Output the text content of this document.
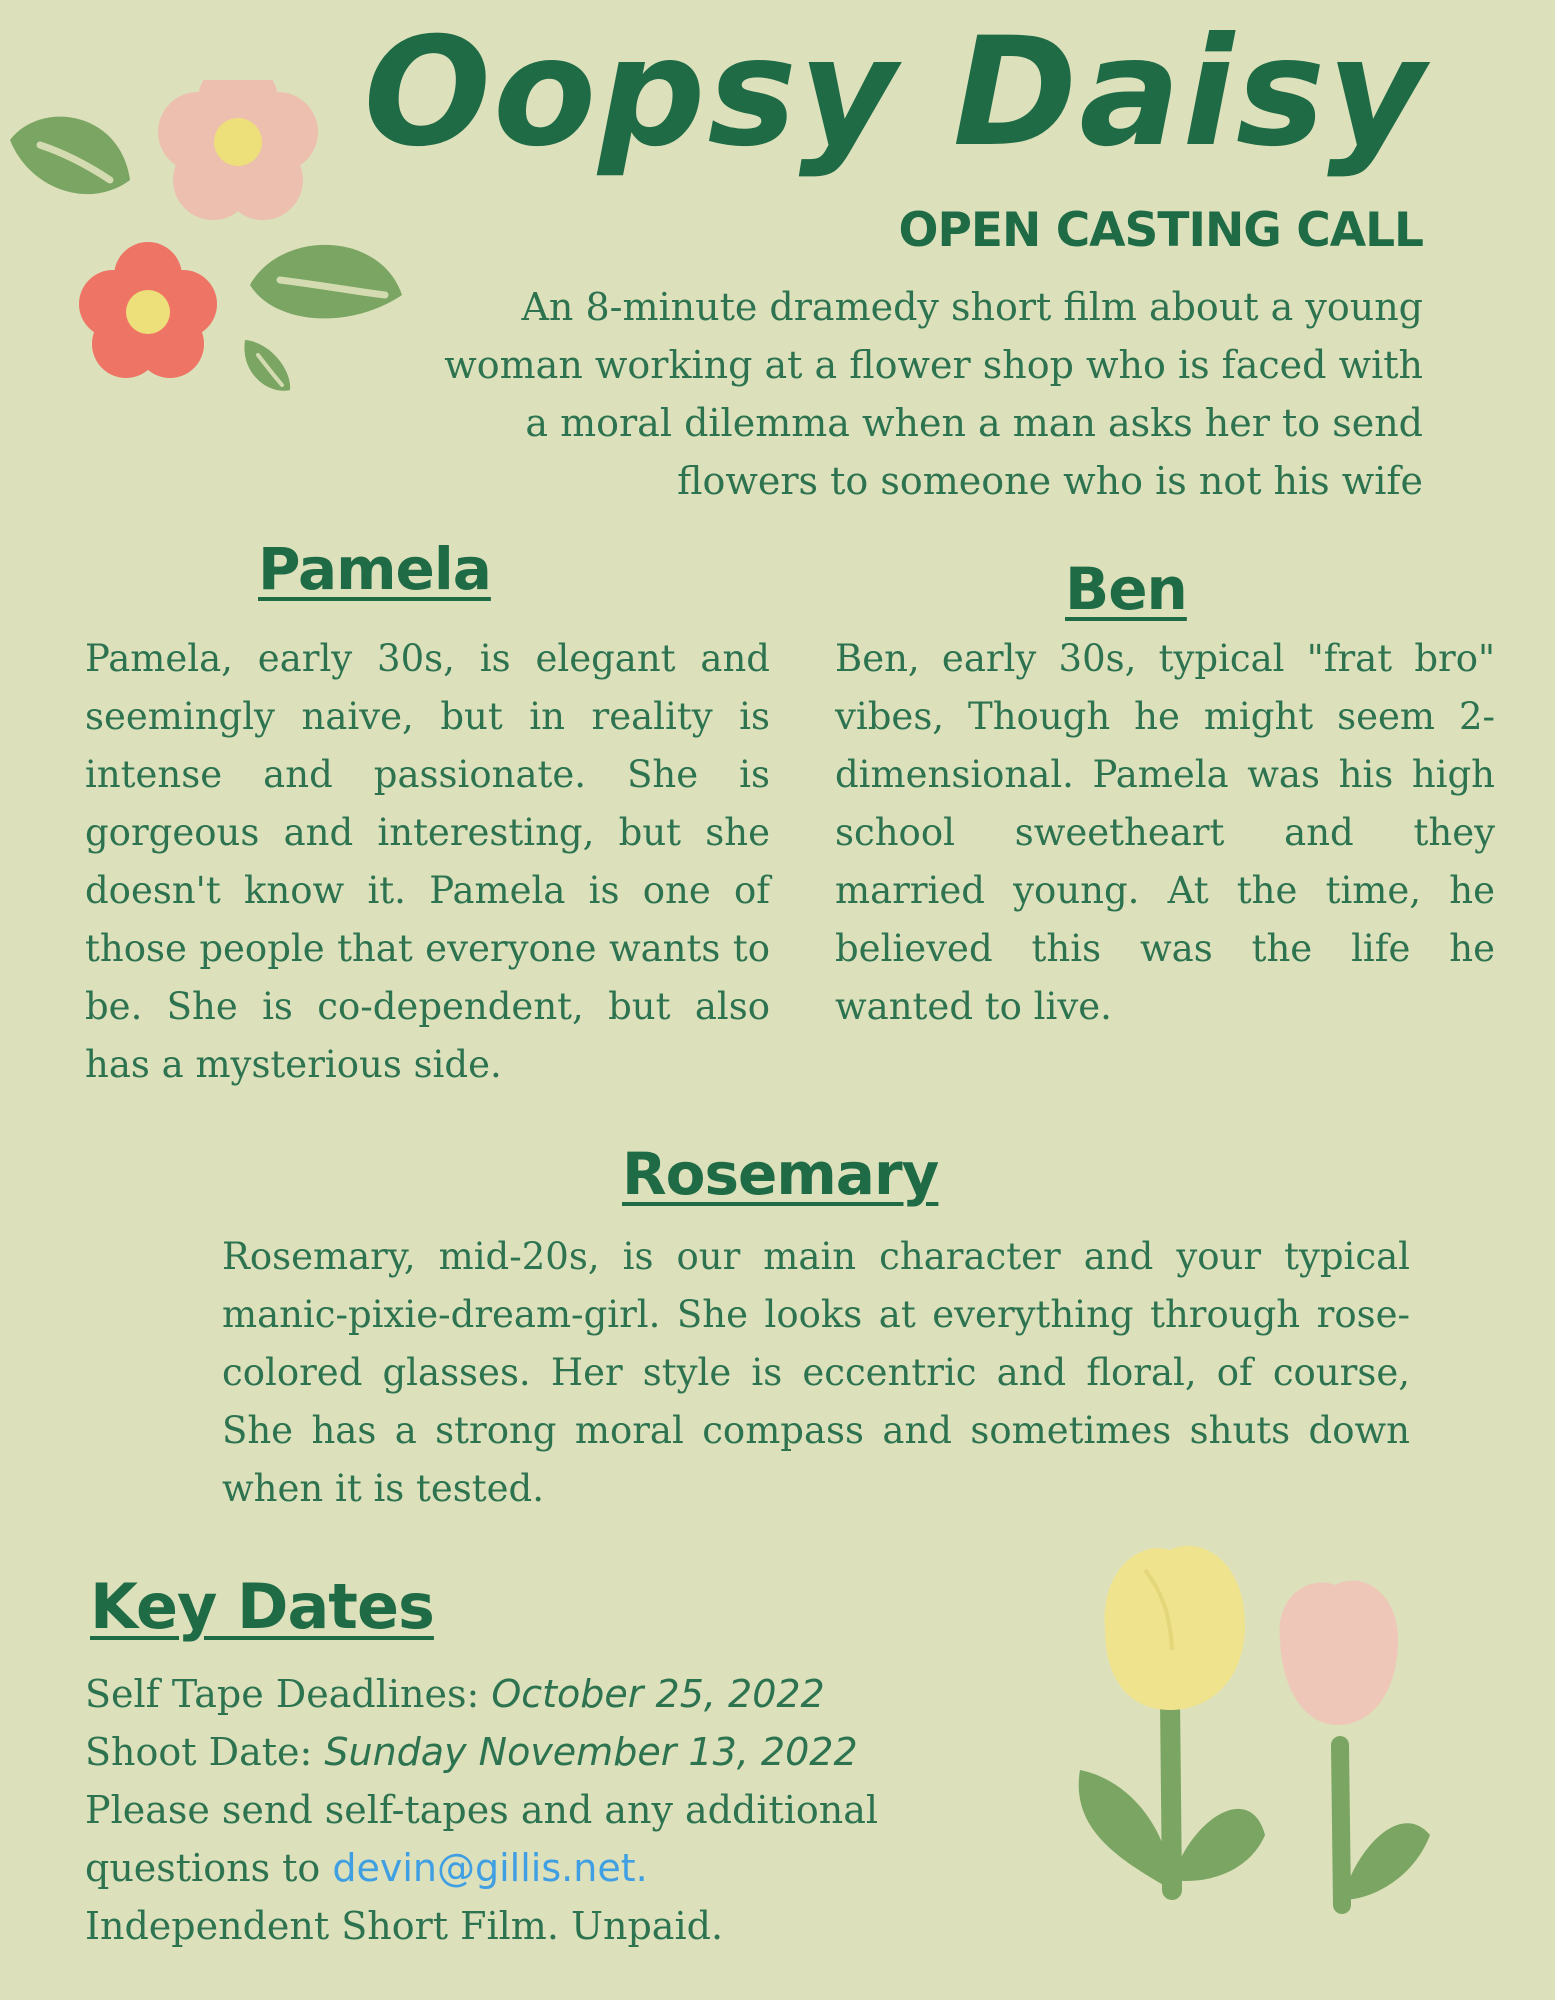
Oopsy Daisy
OPEN CASTING CALL
An 8-minute dramedy short film about a young woman working at a flower shop who is faced with a moral dilemma when a man asks her to send flowers to someone who is not his wife
Pamela
Pamela, early 30s, is elegant and seemingly naive, but in reality is intense and passionate. She is gorgeous and interesting, but she doesn't know it. Pamela is one of those people that everyone wants to be. She is co-dependent, but also has a mysterious side.
Ben
Ben, early 30s, typical "frat bro" vibes, Though he might seem 2-dimensional. Pamela was his high school sweetheart and they married young. At the time, he believed this was the life he wanted to live.
Rosemary
Rosemary, mid-20s, is our main character and your typical manic-pixie-dream-girl. She looks at everything through rose-colored glasses. Her style is eccentric and floral, of course, She has a strong moral compass and sometimes shuts down when it is tested.
Key Dates
Self Tape Deadlines: October 25, 2022
Shoot Date: Sunday November 13, 2022
Please send self-tapes and any additional questions to devin@gillis.net.
Independent Short Film. Unpaid.
